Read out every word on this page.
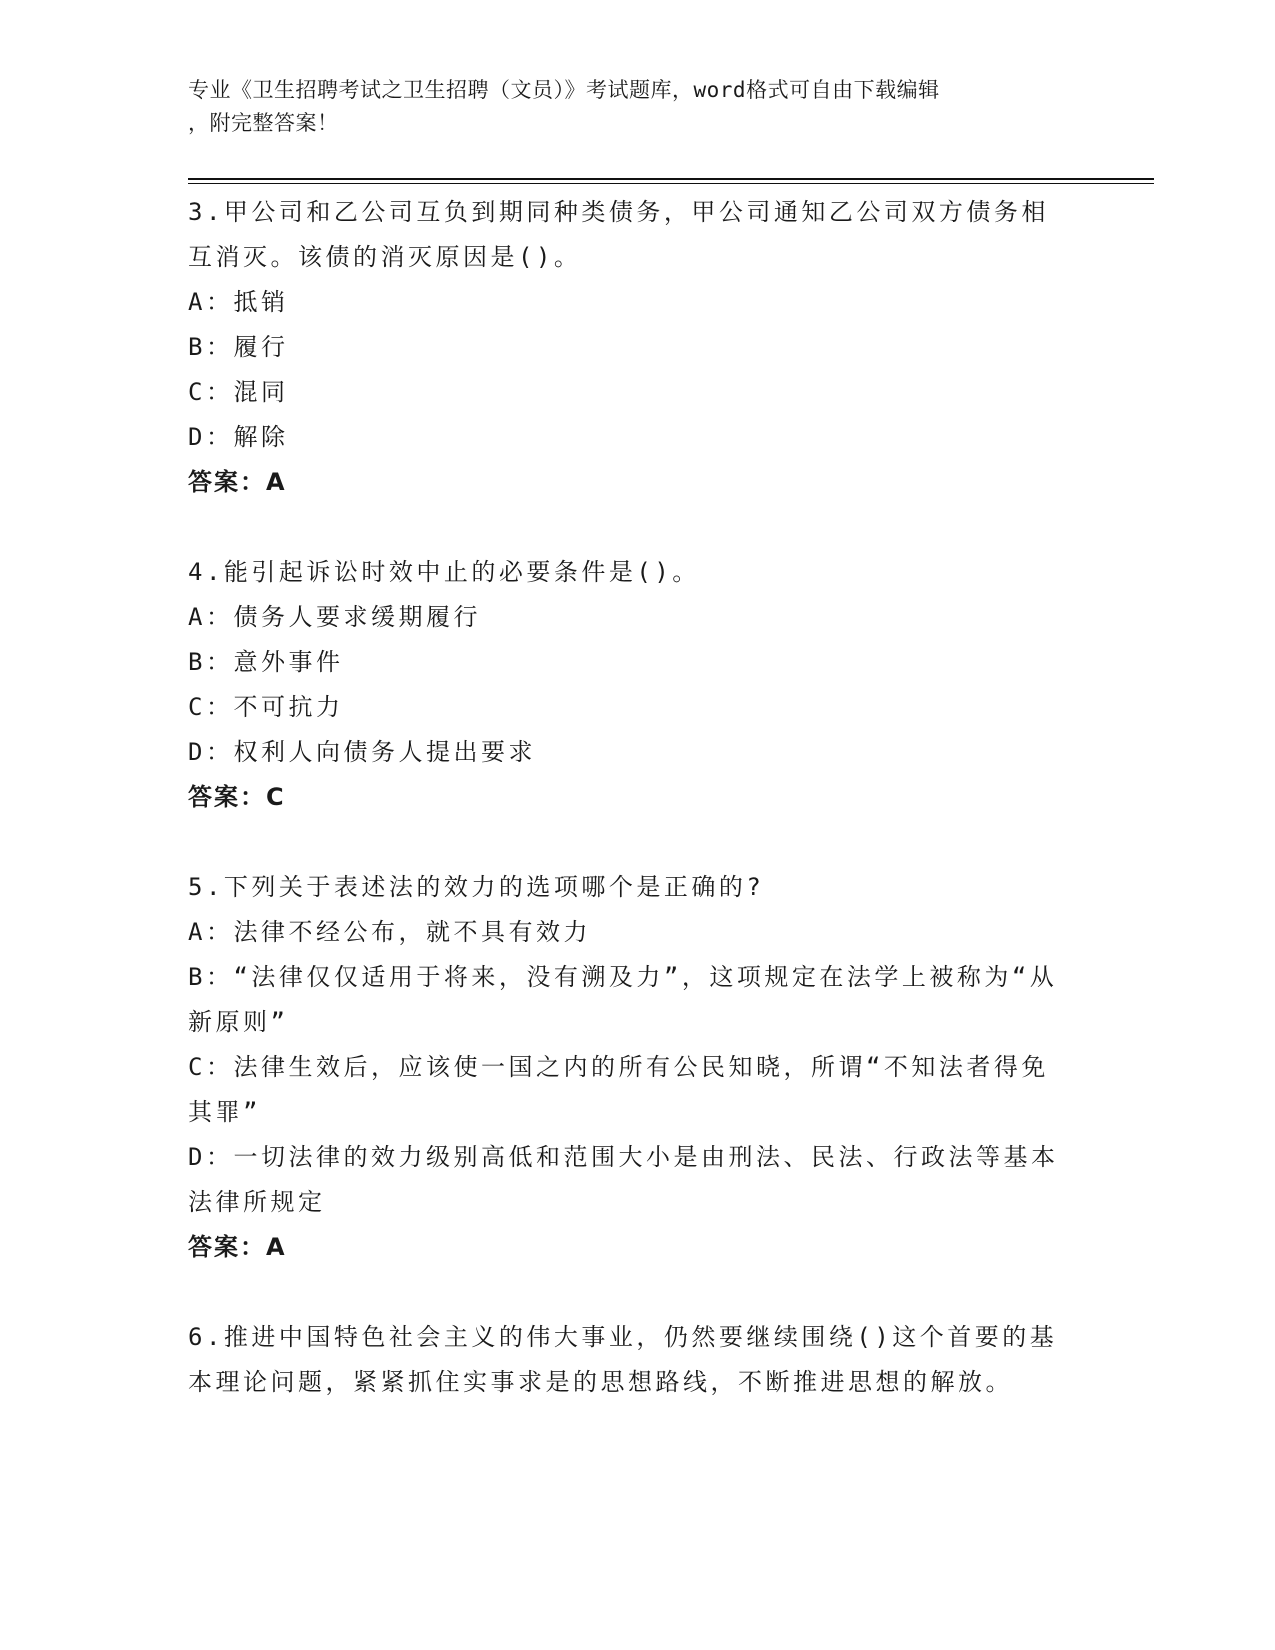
专业《卫生招聘考试之卫生招聘（文员）》考试题库，word格式可自由下载编辑
，附完整答案！

3.甲公司和乙公司互负到期同种类债务，甲公司通知乙公司双方债务相互消灭。该债的消灭原因是()。

A：抵销

B：履行

C：混同

D：解除

答案：A

4.能引起诉讼时效中止的必要条件是()。

A：债务人要求缓期履行

B：意外事件

C：不可抗力

D：权利人向债务人提出要求

答案：C

5.下列关于表述法的效力的选项哪个是正确的?

A：法律不经公布，就不具有效力

B：“法律仅仅适用于将来，没有溯及力”，这项规定在法学上被称为“从新原则”

C：法律生效后，应该使一国之内的所有公民知晓，所谓“不知法者得免其罪”

D：一切法律的效力级别高低和范围大小是由刑法、民法、行政法等基本法律所规定

答案：A

6.推进中国特色社会主义的伟大事业，仍然要继续围绕()这个首要的基本理论问题，紧紧抓住实事求是的思想路线，不断推进思想的解放。
